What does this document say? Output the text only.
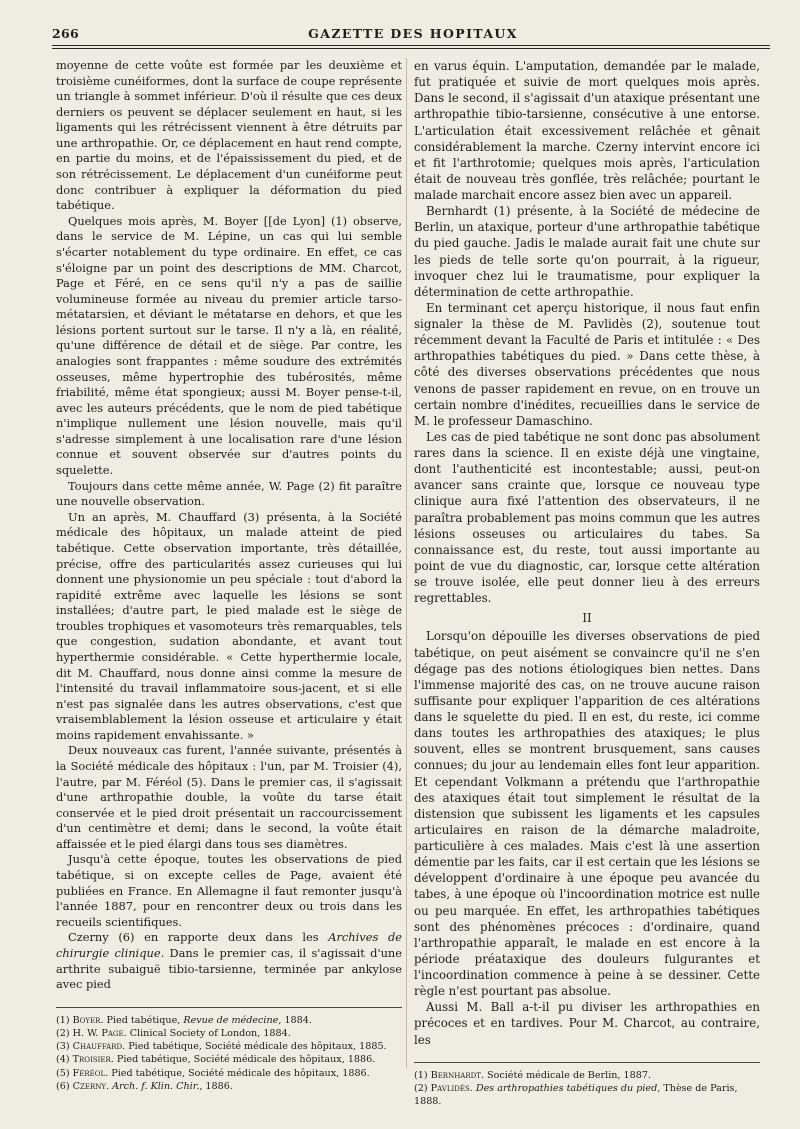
266	GAZETTE DES HOPITAUX

moyenne de cette voûte est formée par les deuxième et troisième cunéiformes, dont la surface de coupe représente un triangle à sommet inférieur. D'où il résulte que ces deux derniers os peuvent se déplacer seulement en haut, si les ligaments qui les rétrécissent viennent à être détruits par une arthropathie. Or, ce déplacement en haut rend compte, en partie du moins, et de l'épaississement du pied, et de son rétrécissement. Le déplacement d'un cunéiforme peut donc contribuer à expliquer la déformation du pied tabétique.

Quelques mois après, M. Boyer [[de Lyon] (1) observe, dans le service de M. Lépine, un cas qui lui semble s'écarter notablement du type ordinaire. En effet, ce cas s'éloigne par un point des descriptions de MM. Charcot, Page et Féré, en ce sens qu'il n'y a pas de saillie volumineuse formée au niveau du premier article tarso-métatarsien, et déviant le métatarse en dehors, et que les lésions portent surtout sur le tarse. Il n'y a là, en réalité, qu'une différence de détail et de siège. Par contre, les analogies sont frappantes : même soudure des extrémités osseuses, même hypertrophie des tubérosités, même friabilité, même état spongieux; aussi M. Boyer pense-t-il, avec les auteurs précédents, que le nom de pied tabétique n'implique nullement une lésion nouvelle, mais qu'il s'adresse simplement à une localisation rare d'une lésion connue et souvent observée sur d'autres points du squelette.

Toujours dans cette même année, W. Page (2) fit paraître une nouvelle observation.

Un an après, M. Chauffard (3) présenta, à la Société médicale des hôpitaux, un malade atteint de pied tabétique. Cette observation importante, très détaillée, précise, offre des particularités assez curieuses qui lui donnent une physionomie un peu spéciale : tout d'abord la rapidité extrême avec laquelle les lésions se sont installées; d'autre part, le pied malade est le siège de troubles trophiques et vasomoteurs très remarquables, tels que congestion, sudation abondante, et avant tout hyperthermie considérable. « Cette hyperthermie locale, dit M. Chauffard, nous donne ainsi comme la mesure de l'intensité du travail inflammatoire sous-jacent, et si elle n'est pas signalée dans les autres observations, c'est que vraisemblablement la lésion osseuse et articulaire y était moins rapidement envahissante. »

Deux nouveaux cas furent, l'année suivante, présentés à la Société médicale des hôpitaux : l'un, par M. Troisier (4), l'autre, par M. Féréol (5). Dans le premier cas, il s'agissait d'une arthropathie double, la voûte du tarse était conservée et le pied droit présentait un raccourcissement d'un centimètre et demi; dans le second, la voûte était affaissée et le pied élargi dans tous ses diamètres.

Jusqu'à cette époque, toutes les observations de pied tabétique, si on excepte celles de Page, avaient été publiées en France. En Allemagne il faut remonter jusqu'à l'année 1887, pour en rencontrer deux ou trois dans les recueils scientifiques.

Czerny (6) en rapporte deux dans les Archives de chirurgie clinique. Dans le premier cas, il s'agissait d'une arthrite subaiguë tibio-tarsienne, terminée par ankylose avec pied

(1) Boyer. Pied tabétique, Revue de médecine, 1884.

(2) H. W. Page. Clinical Society of London, 1884.

(3) Chauffard. Pied tabétique, Société médicale des hôpitaux, 1885.

(4) Troisier. Pied tabétique, Société médicale des hôpitaux, 1886.

(5) Féréol. Pied tabétique, Société médicale des hôpitaux, 1886.

(6) Czerny. Arch. f. Klin. Chir., 1886.

en varus équin. L'amputation, demandée par le malade, fut pratiquée et suivie de mort quelques mois après. Dans le second, il s'agissait d'un ataxique présentant une arthropathie tibio-tarsienne, consécutive à une entorse. L'articulation était excessivement relâchée et gênait considérablement la marche. Czerny intervint encore ici et fit l'arthrotomie; quelques mois après, l'articulation était de nouveau très gonflée, très relâchée; pourtant le malade marchait encore assez bien avec un appareil.

Bernhardt (1) présente, à la Société de médecine de Berlin, un ataxique, porteur d'une arthropathie tabétique du pied gauche. Jadis le malade aurait fait une chute sur les pieds de telle sorte qu'on pourrait, à la rigueur, invoquer chez lui le traumatisme, pour expliquer la détermination de cette arthropathie.

En terminant cet aperçu historique, il nous faut enfin signaler la thèse de M. Pavlidès (2), soutenue tout récemment devant la Faculté de Paris et intitulée : « Des arthropathies tabétiques du pied. » Dans cette thèse, à côté des diverses observations précédentes que nous venons de passer rapidement en revue, on en trouve un certain nombre d'inédites, recueillies dans le service de M. le professeur Damaschino.

Les cas de pied tabétique ne sont donc pas absolument rares dans la science. Il en existe déjà une vingtaine, dont l'authenticité est incontestable; aussi, peut-on avancer sans crainte que, lorsque ce nouveau type clinique aura fixé l'attention des observateurs, il ne paraîtra probablement pas moins commun que les autres lésions osseuses ou articulaires du tabes. Sa connaissance est, du reste, tout aussi importante au point de vue du diagnostic, car, lorsque cette altération se trouve isolée, elle peut donner lieu à des erreurs regrettables.

II

Lorsqu'on dépouille les diverses observations de pied tabétique, on peut aisément se convaincre qu'il ne s'en dégage pas des notions étiologiques bien nettes. Dans l'immense majorité des cas, on ne trouve aucune raison suffisante pour expliquer l'apparition de ces altérations dans le squelette du pied. Il en est, du reste, ici comme dans toutes les arthropathies des ataxiques; le plus souvent, elles se montrent brusquement, sans causes connues; du jour au lendemain elles font leur apparition. Et cependant Volkmann a prétendu que l'arthropathie des ataxiques était tout simplement le résultat de la distension que subissent les ligaments et les capsules articulaires en raison de la démarche maladroite, particulière à ces malades. Mais c'est là une assertion démentie par les faits, car il est certain que les lésions se développent d'ordinaire à une époque peu avancée du tabes, à une époque où l'incoordination motrice est nulle ou peu marquée. En effet, les arthropathies tabétiques sont des phénomènes précoces : d'ordinaire, quand l'arthropathie apparaît, le malade en est encore à la période préataxique des douleurs fulgurantes et l'incoordination commence à peine à se dessiner. Cette règle n'est pourtant pas absolue.

Aussi M. Ball a-t-il pu diviser les arthropathies en précoces et en tardives. Pour M. Charcot, au contraire, les

(1) Bernhardt. Société médicale de Berlin, 1887.

(2) Pavlidès. Des arthropathies tabétiques du pied, Thèse de Paris, 1888.
